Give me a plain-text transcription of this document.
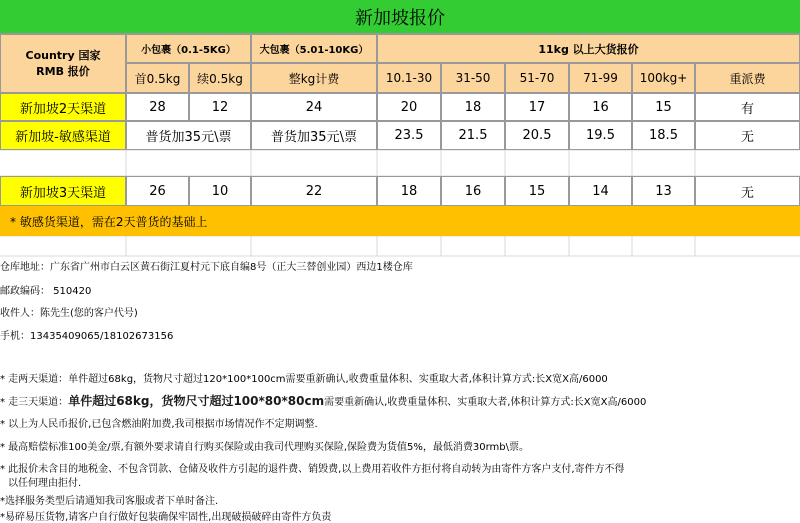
新加坡报价
Country 国家
RMB 报价
小包裹（0.1-5KG）	大包裹（5.01-10KG）	11kg 以上大货报价
首0.5kg	续0.5kg	整kg计费	10.1-30	31-50	51-70	71-99	100kg+	重派费
新加坡2天渠道	28	12	24	20	18	17	16	15	有
新加坡-敏感渠道	普货加35元\票	普货加35元\票	23.5	21.5	20.5	19.5	18.5	无
新加坡3天渠道	26	10	22	18	16	15	14	13	无
* 敏感货渠道，需在2天普货的基础上
仓库地址：广东省广州市白云区黄石街江夏村元下底自编8号（正大三替创业园）西边1楼仓库
邮政编码： 510420
收件人：陈先生(您的客户代号)
手机：13435409065/18102673156
* 走两天渠道：单件超过68kg，货物尺寸超过120*100*100cm需要重新确认,收费重量体积、实重取大者,体积计算方式:长X宽X高/6000
* 走三天渠道：单件超过68kg，货物尺寸超过100*80*80cm需要重新确认,收费重量体积、实重取大者,体积计算方式:长X宽X高/6000
* 以上为人民币报价,已包含燃油附加费,我司根据市场情况作不定期调整.
* 最高赔偿标准100美金/票,有额外要求请自行购买保险或由我司代理购买保险,保险费为货值5%，最低消费30rmb\票。
* 此报价未含目的地税金、不包含罚款、仓储及收件方引起的退件费、销毁费,以上费用若收件方拒付将自动转为由寄件方客户支付,寄件方不得
以任何理由拒付.
*选择服务类型后请通知我司客服或者下单时备注.
*易碎易压货物,请客户自行做好包装确保牢固性,出现破损破碎由寄件方负责
